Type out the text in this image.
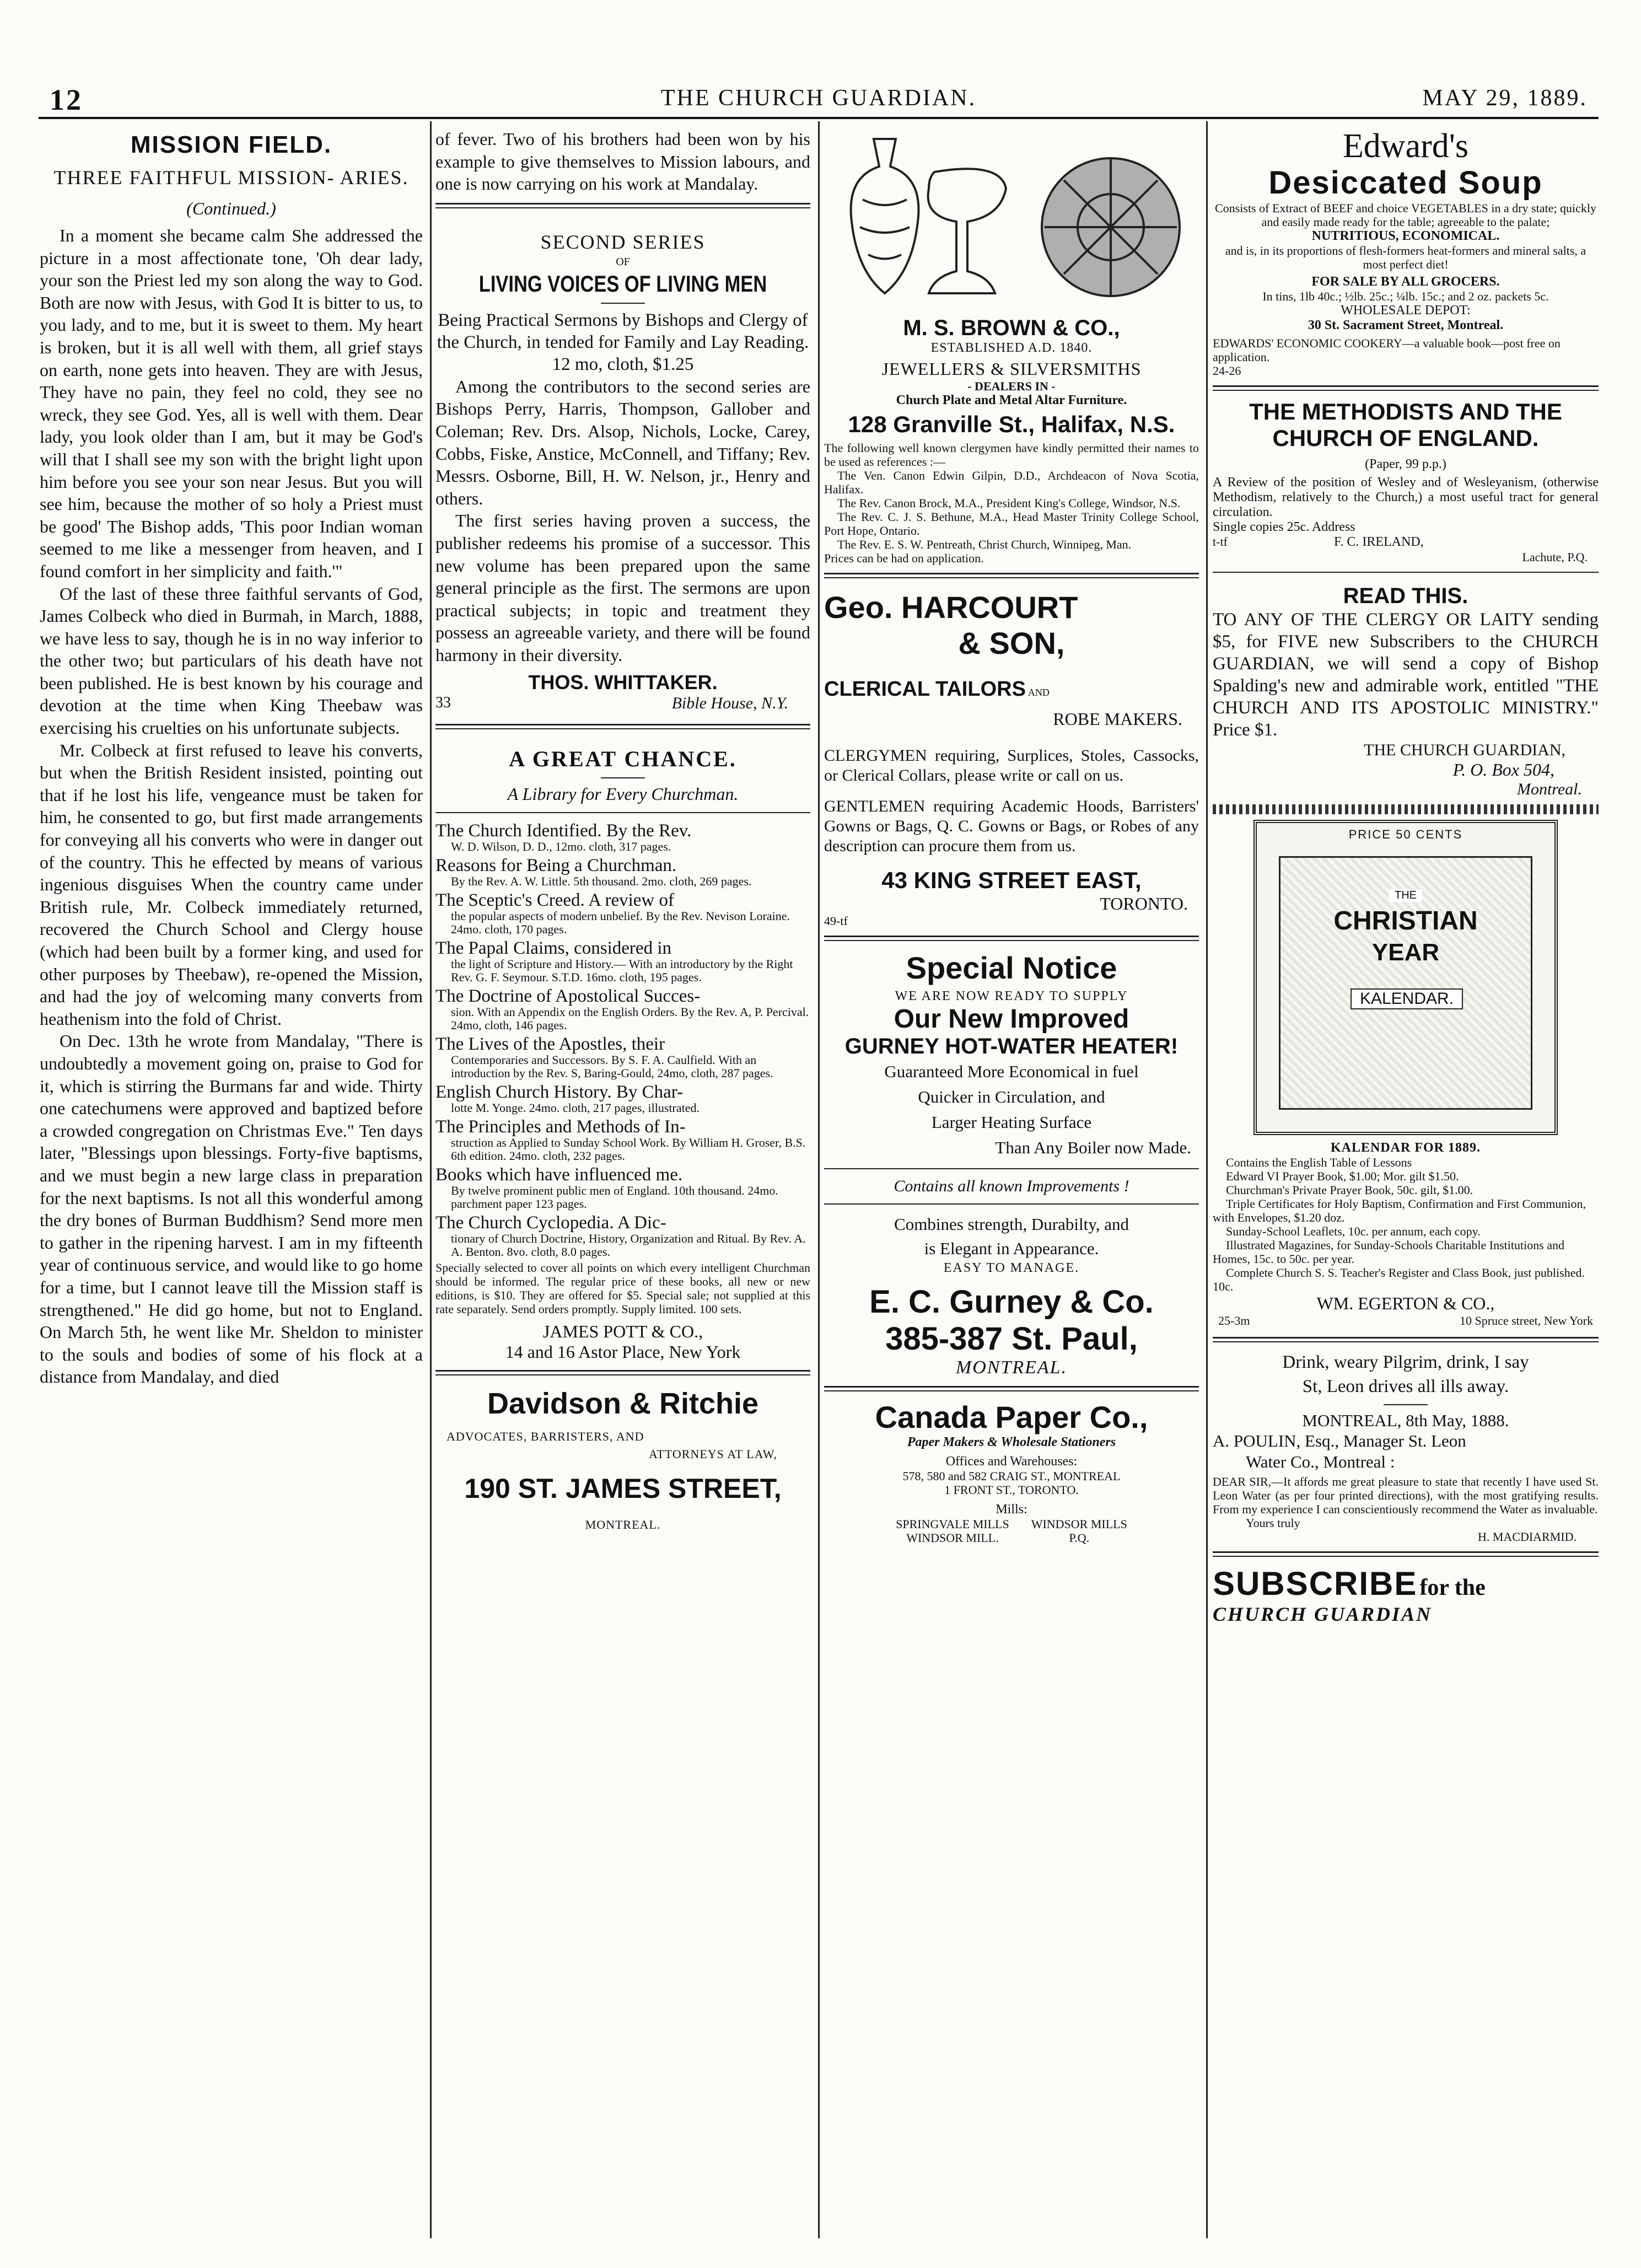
12	THE CHURCH GUARDIAN.	MAY 29, 1889.
MISSION FIELD.
THREE FAITHFUL MISSION- ARIES.
(Continued.)

In a moment she became calm She addressed the picture in a most affectionate tone, 'Oh dear lady, your son the Priest led my son along the way to God. Both are now with Jesus, with God It is bitter to us, to you lady, and to me, but it is sweet to them. My heart is broken, but it is all well with them, all grief stays on earth, none gets into heaven. They are with Jesus, They have no pain, they feel no cold, they see no wreck, they see God. Yes, all is well with them. Dear lady, you look older than I am, but it may be God's will that I shall see my son with the bright light upon him before you see your son near Jesus. But you will see him, because the mother of so holy a Priest must be good' The Bishop adds, 'This poor Indian woman seemed to me like a messenger from heaven, and I found comfort in her simplicity and faith.'"

Of the last of these three faithful servants of God, James Colbeck who died in Burmah, in March, 1888, we have less to say, though he is in no way inferior to the other two; but particulars of his death have not been published. He is best known by his courage and devotion at the time when King Theebaw was exercising his cruelties on his unfortunate subjects.

Mr. Colbeck at first refused to leave his converts, but when the British Resident insisted, pointing out that if he lost his life, vengeance must be taken for him, he consented to go, but first made arrangements for conveying all his converts who were in danger out of the country. This he effected by means of various ingenious disguises When the country came under British rule, Mr. Colbeck immediately returned, recovered the Church School and Clergy house (which had been built by a former king, and used for other purposes by Theebaw), re-opened the Mission, and had the joy of welcoming many converts from heathenism into the fold of Christ.

On Dec. 13th he wrote from Mandalay, "There is undoubtedly a movement going on, praise to God for it, which is stirring the Burmans far and wide. Thirty one catechumens were approved and baptized before a crowded congregation on Christmas Eve." Ten days later, "Blessings upon blessings. Forty-five baptisms, and we must begin a new large class in preparation for the next baptisms. Is not all this wonderful among the dry bones of Burman Buddhism? Send more men to gather in the ripening harvest. I am in my fifteenth year of continuous service, and would like to go home for a time, but I cannot leave till the Mission staff is strengthened." He did go home, but not to England. On March 5th, he went like Mr. Sheldon to minister to the souls and bodies of some of his flock at a distance from Mandalay, and died

of fever. Two of his brothers had been won by his example to give themselves to Mission labours, and one is now carrying on his work at Mandalay.

SECOND SERIES
OF
LIVING VOICES OF LIVING MEN
Being Practical Sermons by Bishops and Clergy of the Church, in tended for Family and Lay Reading. 12 mo, cloth, $1.25

Among the contributors to the second series are Bishops Perry, Harris, Thompson, Gallober and Coleman; Rev. Drs. Alsop, Nichols, Locke, Carey, Cobbs, Fiske, Anstice, McConnell, and Tiffany; Rev. Messrs. Osborne, Bill, H. W. Nelson, jr., Henry and others.

The first series having proven a success, the publisher redeems his promise of a successor. This new volume has been prepared upon the same general principle as the first. The sermons are upon practical subjects; in topic and treatment they possess an agreeable variety, and there will be found harmony in their diversity.

THOS. WHITTAKER.
33	Bible House, N.Y.
A GREAT CHANCE.
A Library for Every Churchman.
The Church Identified. By the Rev.
W. D. Wilson, D. D., 12mo. cloth, 317 pages.
Reasons for Being a Churchman.
By the Rev. A. W. Little. 5th thousand. 2mo. cloth, 269 pages.
The Sceptic's Creed. A review of
the popular aspects of modern unbelief. By the Rev. Nevison Loraine. 24mo. cloth, 170 pages.
The Papal Claims, considered in
the light of Scripture and History.— With an introductory by the Right Rev. G. F. Seymour. S.T.D. 16mo. cloth, 195 pages.
The Doctrine of Apostolical Succes-
sion. With an Appendix on the English Orders. By the Rev. A, P. Percival. 24mo, cloth, 146 pages.
The Lives of the Apostles, their
Contemporaries and Successors. By S. F. A. Caulfield. With an introduction by the Rev. S, Baring-Gould, 24mo, cloth, 287 pages.
English Church History. By Char-
lotte M. Yonge. 24mo. cloth, 217 pages, illustrated.
The Principles and Methods of In-
struction as Applied to Sunday School Work. By William H. Groser, B.S. 6th edition. 24mo. cloth, 232 pages.
Books which have influenced me.
By twelve prominent public men of England. 10th thousand. 24mo. parchment paper 123 pages.
The Church Cyclopedia. A Dic-
tionary of Church Doctrine, History, Organization and Ritual. By Rev. A. A. Benton. 8vo. cloth, 8.0 pages.
Specially selected to cover all points on which every intelligent Churchman should be informed. The regular price of these books, all new or new editions, is $10. They are offered for $5. Special sale; not supplied at this rate separately. Send orders promptly. Supply limited. 100 sets.
JAMES POTT & CO.,
14 and 16 Astor Place, New York
Davidson & Ritchie
ADVOCATES, BARRISTERS, AND
ATTORNEYS AT LAW,
190 ST. JAMES STREET,
MONTREAL.
M. S. BROWN & CO.,
ESTABLISHED A.D. 1840.
JEWELLERS & SILVERSMITHS
- DEALERS IN -
Church Plate and Metal Altar Furniture.
128 Granville St., Halifax, N.S.
The following well known clergymen have kindly permitted their names to be used as references :—
The Ven. Canon Edwin Gilpin, D.D., Archdeacon of Nova Scotia, Halifax.
The Rev. Canon Brock, M.A., President King's College, Windsor, N.S.
The Rev. C. J. S. Bethune, M.A., Head Master Trinity College School, Port Hope, Ontario.
The Rev. E. S. W. Pentreath, Christ Church, Winnipeg, Man.
Prices can be had on application.
Geo. HARCOURT
& SON,
CLERICAL TAILORS AND
ROBE MAKERS.
CLERGYMEN requiring, Surplices, Stoles, Cassocks, or Clerical Collars, please write or call on us.
GENTLEMEN requiring Academic Hoods, Barristers' Gowns or Bags, Q. C. Gowns or Bags, or Robes of any description can procure them from us.
43 KING STREET EAST,
TORONTO.
49-tf
Special Notice
WE ARE NOW READY TO SUPPLY
Our New Improved
GURNEY HOT-WATER HEATER!
Guaranteed More Economical in fuel
Quicker in Circulation, and
Larger Heating Surface
Than Any Boiler now Made.
Contains all known Improvements !
Combines strength, Durabilty, and
is Elegant in Appearance.
EASY TO MANAGE.
E. C. Gurney & Co.
385-387 St. Paul,
MONTREAL.
Canada Paper Co.,
Paper Makers & Wholesale Stationers
Offices and Warehouses:
578, 580 and 582 CRAIG ST., MONTREAL
1 FRONT ST., TORONTO.
Mills:
SPRINGVALE MILLS
WINDSOR MILL.
WINDSOR MILLS
P.Q.
Edward's
Desiccated Soup
Consists of Extract of BEEF and choice VEGETABLES in a dry state; quickly and easily made ready for the table; agreeable to the palate;
NUTRITIOUS, ECONOMICAL.
and is, in its proportions of flesh-formers heat-formers and mineral salts, a most perfect diet!
FOR SALE BY ALL GROCERS.
In tins, 1lb 40c.; ½lb. 25c.; ¼lb. 15c.; and 2 oz. packets 5c.
WHOLESALE DEPOT:
30 St. Sacrament Street, Montreal.
EDWARDS' ECONOMIC COOKERY—a valuable book—post free on application.
24-26
THE METHODISTS AND THE CHURCH OF ENGLAND.
(Paper, 99 p.p.)
A Review of the position of Wesley and of Wesleyanism, (otherwise Methodism, relatively to the Church,) a most useful tract for general circulation.
Single copies 25c. Address
t-tf	F. C. IRELAND,
Lachute, P.Q.
READ THIS.

TO ANY OF THE CLERGY OR LAITY sending $5, for FIVE new Subscribers to the CHURCH GUARDIAN, we will send a copy of Bishop Spalding's new and admirable work, entitled "THE CHURCH AND ITS APOSTOLIC MINISTRY." Price $1.

THE CHURCH GUARDIAN,
P. O. Box 504,
Montreal.
PRICE 50 CENTS
THE
CHRISTIAN
YEAR
KALENDAR.
KALENDAR FOR 1889.
Contains the English Table of Lessons
Edward VI Prayer Book, $1.00; Mor. gilt $1.50.
Churchman's Private Prayer Book, 50c. gilt, $1.00.
Triple Certificates for Holy Baptism, Confirmation and First Communion, with Envelopes, $1.20 doz.
Sunday-School Leaflets, 10c. per annum, each copy.
Illustrated Magazines, for Sunday-Schools Charitable Institutions and Homes, 15c. to 50c. per year.
Complete Church S. S. Teacher's Register and Class Book, just published. 10c.
WM. EGERTON & CO.,
25-3m	10 Spruce street, New York
Drink, weary Pilgrim, drink, I say
St, Leon drives all ills away.
MONTREAL, 8th May, 1888.
A. POULIN, Esq., Manager St. Leon
Water Co., Montreal :
DEAR SIR,—It affords me great pleasure to state that recently I have used St. Leon Water (as per four printed directions), with the most gratifying results. From my experience I can conscientiously recommend the Water as invaluable.
Yours truly
H. MACDIARMID.
SUBSCRIBE for the
CHURCH GUARDIAN
